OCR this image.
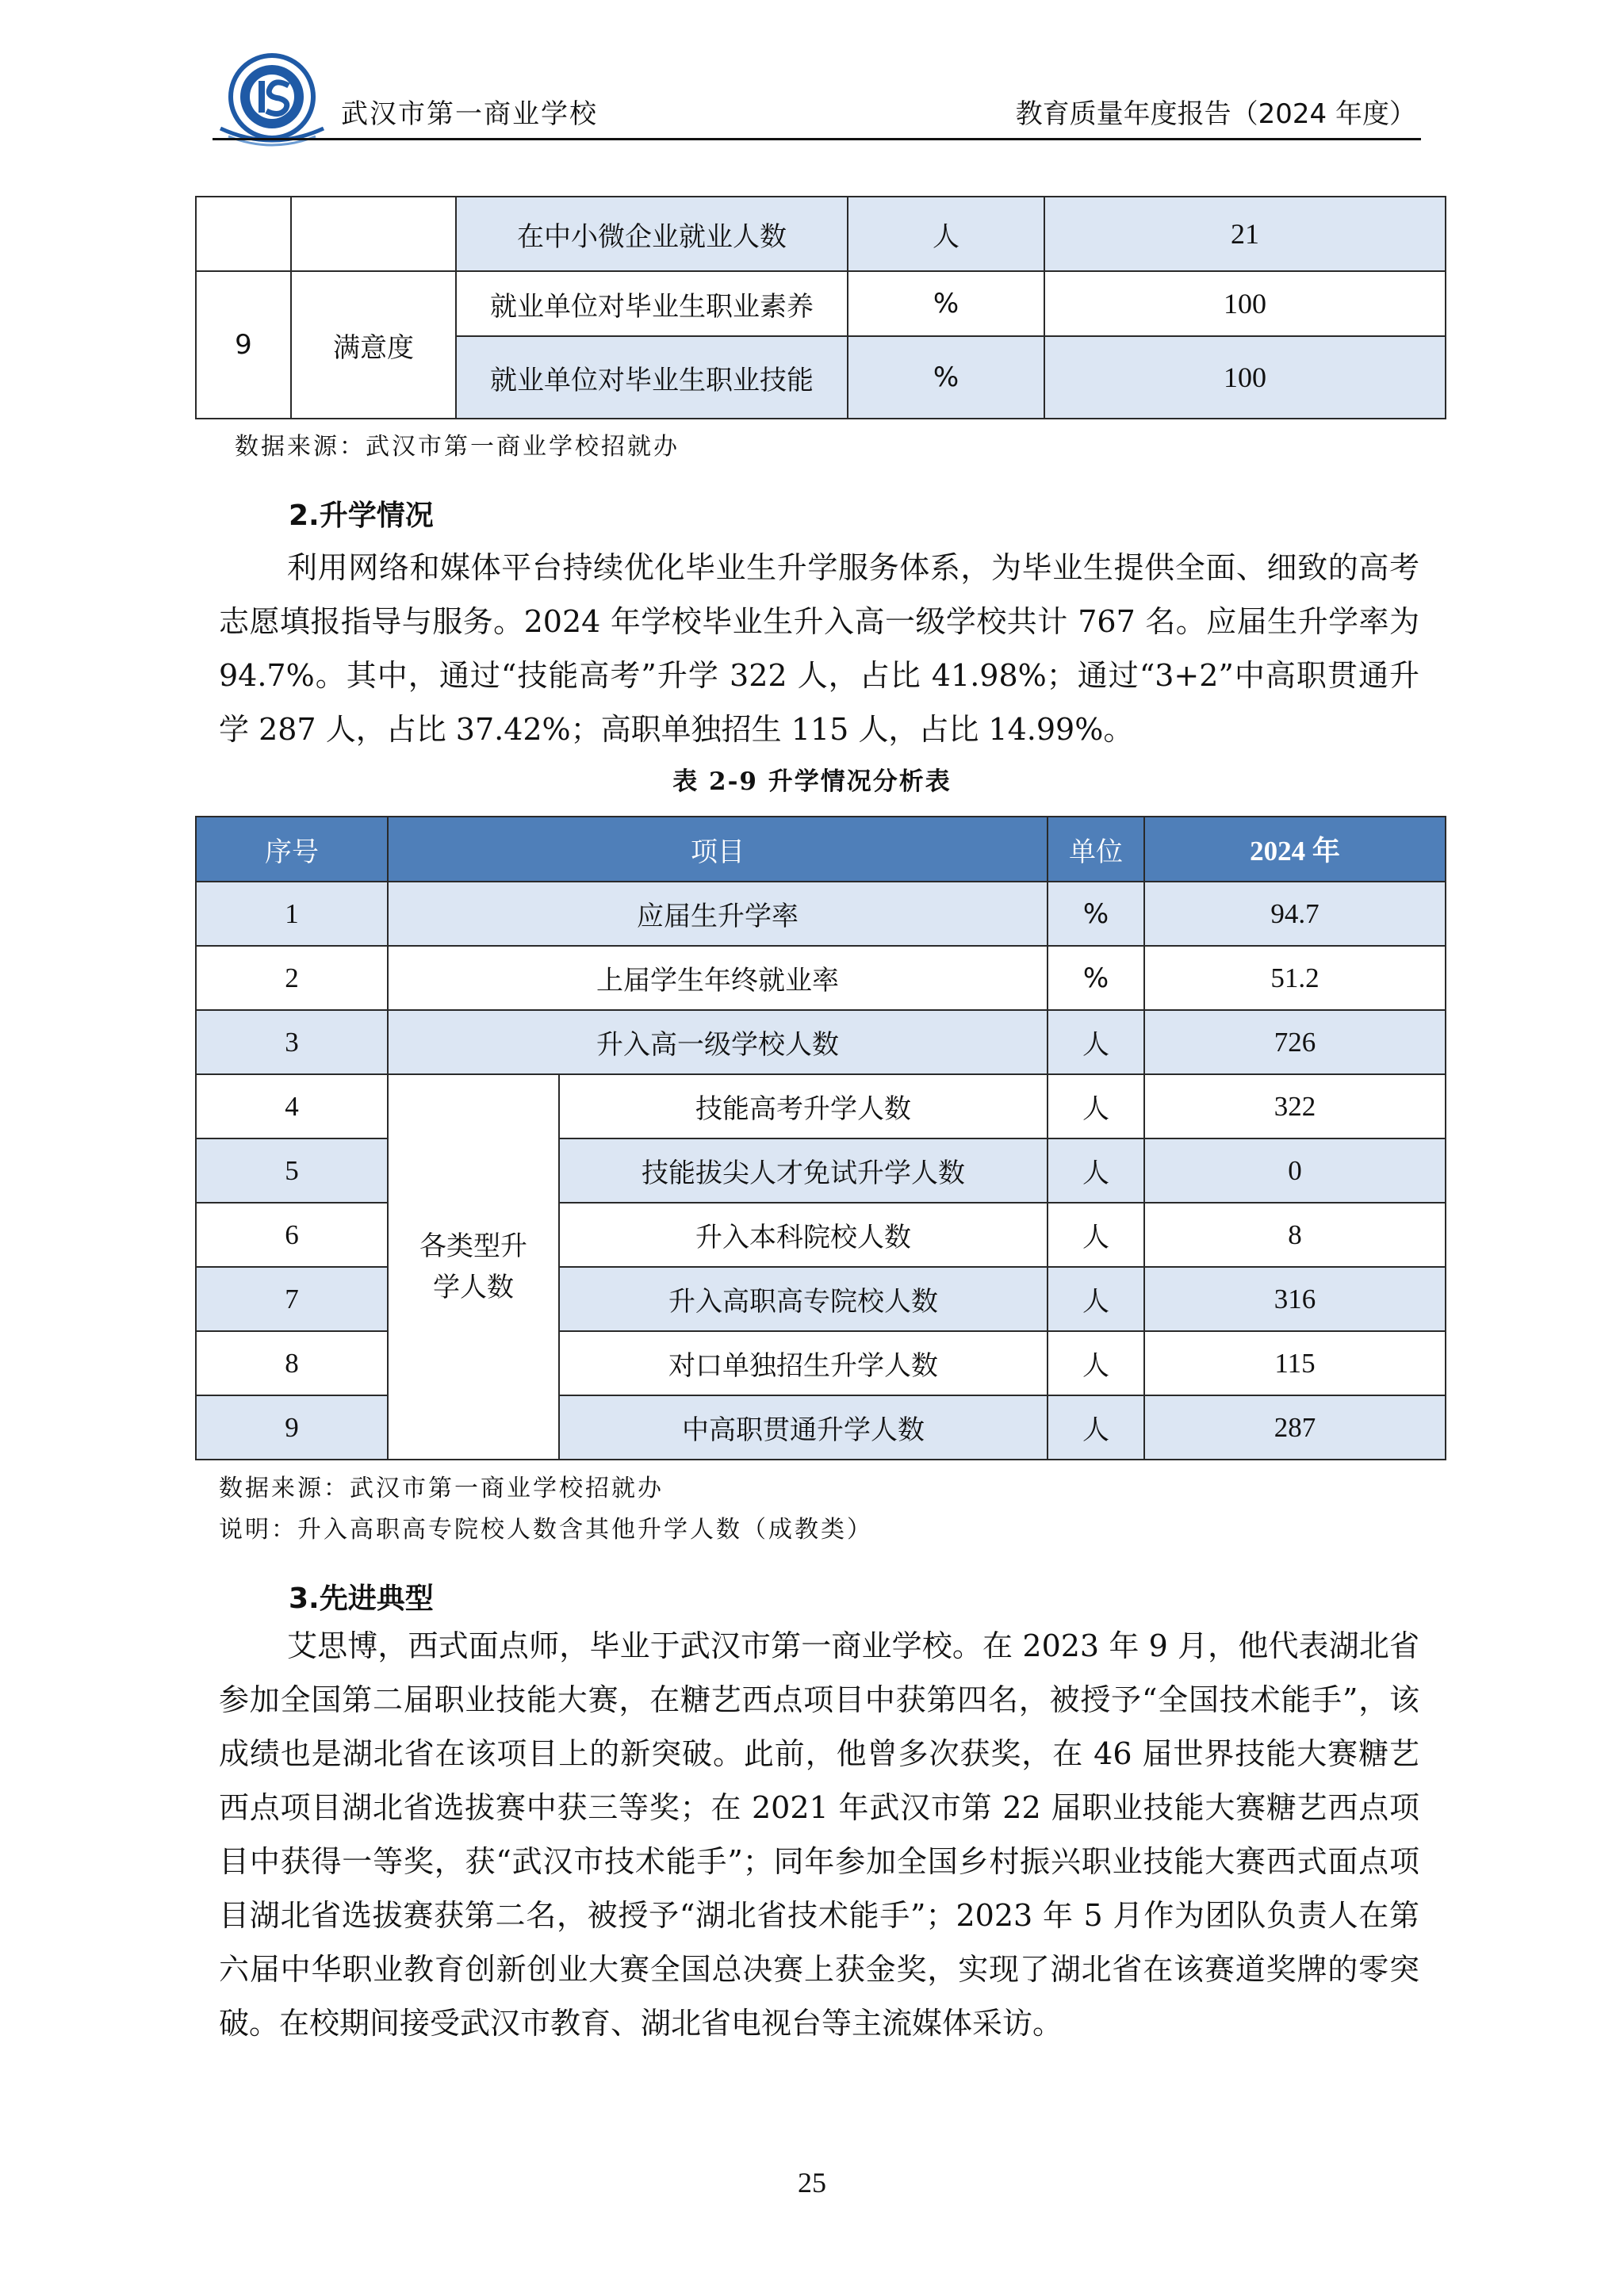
武汉市第一商业学校	教育质量年度报告（2024 年度）
		在中小微企业就业人数	人	21
9	满意度	就业单位对毕业生职业素养	%	100
		就业单位对毕业生职业技能	%	100
数据来源：武汉市第一商业学校招就办
2.升学情况
利用网络和媒体平台持续优化毕业生升学服务体系，为毕业生提供全面、细致的高考志愿填报指导与服务。2024 年学校毕业生升入高一级学校共计 767 名。应届生升学率为 94.7%。其中，通过“技能高考”升学 322 人，占比 41.98%；通过“3+2”中高职贯通升学 287 人，占比 37.42%；高职单独招生 115 人，占比 14.99%。
表 2-9 升学情况分析表
序号	项目		单位	2024 年
1	应届生升学率		%	94.7
2	上届学生年终就业率		%	51.2
3	升入高一级学校人数		人	726
4	各类型升学人数	技能高考升学人数	人	322
5		技能拔尖人才免试升学人数	人	0
6		升入本科院校人数	人	8
7		升入高职高专院校人数	人	316
8		对口单独招生升学人数	人	115
9		中高职贯通升学人数	人	287
数据来源：武汉市第一商业学校招就办
说明：升入高职高专院校人数含其他升学人数（成教类）
3.先进典型
艾思博，西式面点师，毕业于武汉市第一商业学校。在 2023 年 9 月，他代表湖北省参加全国第二届职业技能大赛，在糖艺西点项目中获第四名，被授予“全国技术能手”，该成绩也是湖北省在该项目上的新突破。此前，他曾多次获奖，在 46 届世界技能大赛糖艺西点项目湖北省选拔赛中获三等奖；在 2021 年武汉市第 22 届职业技能大赛糖艺西点项目中获得一等奖，获“武汉市技术能手”；同年参加全国乡村振兴职业技能大赛西式面点项目湖北省选拔赛获第二名，被授予“湖北省技术能手”；2023 年 5 月作为团队负责人在第六届中华职业教育创新创业大赛全国总决赛上获金奖，实现了湖北省在该赛道奖牌的零突破。在校期间接受武汉市教育、湖北省电视台等主流媒体采访。
25
